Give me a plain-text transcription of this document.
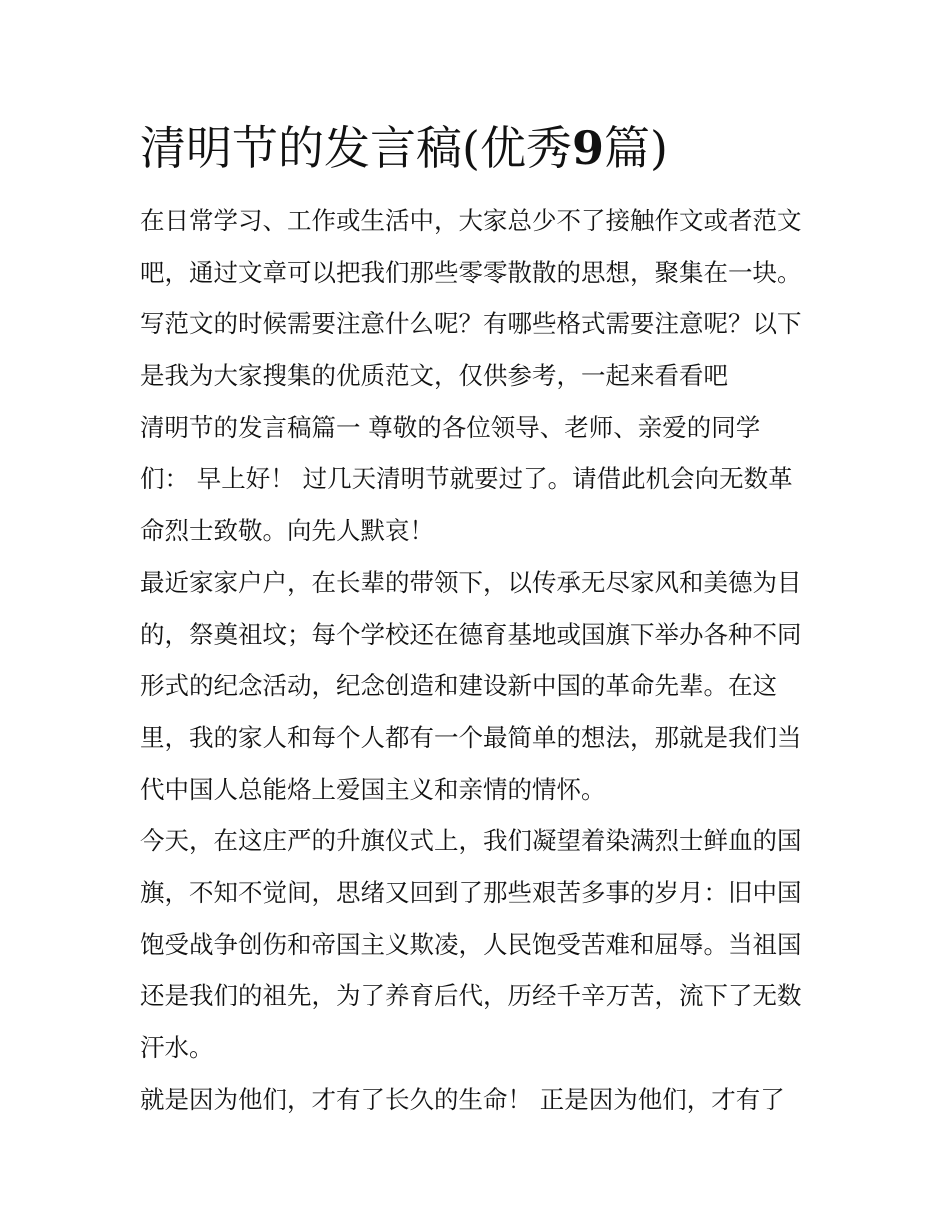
清明节的发言稿(优秀9篇)
在日常学习、工作或生活中，大家总少不了接触作文或者范文
吧，通过文章可以把我们那些零零散散的思想，聚集在一块。
写范文的时候需要注意什么呢？有哪些格式需要注意呢？以下
是我为大家搜集的优质范文，仅供参考，一起来看看吧
清明节的发言稿篇一 尊敬的各位领导、老师、亲爱的同学
们： 早上好！ 过几天清明节就要过了。请借此机会向无数革
命烈士致敬。向先人默哀！
最近家家户户，在长辈的带领下，以传承无尽家风和美德为目
的，祭奠祖坟；每个学校还在德育基地或国旗下举办各种不同
形式的纪念活动，纪念创造和建设新中国的革命先辈。在这
里，我的家人和每个人都有一个最简单的想法，那就是我们当
代中国人总能烙上爱国主义和亲情的情怀。
今天，在这庄严的升旗仪式上，我们凝望着染满烈士鲜血的国
旗，不知不觉间，思绪又回到了那些艰苦多事的岁月：旧中国
饱受战争创伤和帝国主义欺凌，人民饱受苦难和屈辱。当祖国
还是我们的祖先，为了养育后代，历经千辛万苦，流下了无数
汗水。
就是因为他们，才有了长久的生命！ 正是因为他们，才有了
